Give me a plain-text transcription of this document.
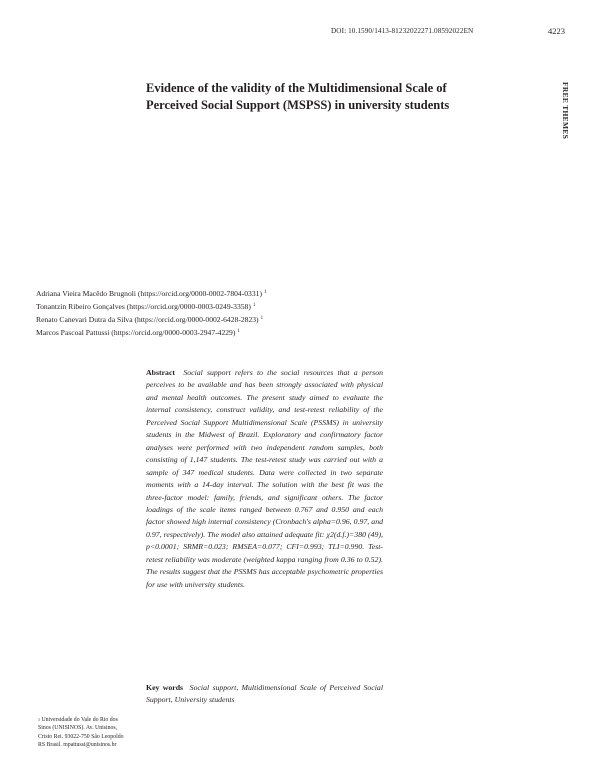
DOI: 10.1590/1413-81232022271.08592022EN	4223
FREE THEMES
Evidence of the validity of the Multidimensional Scale of Perceived Social Support (MSPSS) in university students
Adriana Vieira Macêdo Brugnoli (https://orcid.org/0000-0002-7804-0331) $^1$
Tonantzin Ribeiro Gonçalves (https://orcid.org/0000-0003-0249-3358) $^1$
Renato Canevari Dutra da Silva (https://orcid.org/0000-0002-6428-2823) $^1$
Marcos Pascoal Pattussi (https://orcid.org/0000-0003-2947-4229) $^1$
Abstract Social support refers to the social resources that a person perceives to be available and has been strongly associated with physical and mental health outcomes. The present study aimed to evaluate the internal consistency, construct validity, and test-retest reliability of the Perceived Social Support Multidimensional Scale (PSSMS) in university students in the Midwest of Brazil. Exploratory and confirmatory factor analyses were performed with two independent random samples, both consisting of 1,147 students. The test-retest study was carried out with a sample of 347 medical students. Data were collected in two separate moments with a 14-day interval. The solution with the best fit was the three-factor model: family, friends, and significant others. The factor loadings of the scale items ranged between 0.767 and 0.950 and each factor showed high internal consistency (Cronbach's alpha=0.96, 0.97, and 0.97, respectively). The model also attained adequate fit: χ2(d.f.)=380 (49), p<0.0001; SRMR=0.023; RMSEA=0.077; CFI=0.993; TLI=0.990. Test-retest reliability was moderate (weighted kappa ranging from 0.36 to 0.52). The results suggest that the PSSMS has acceptable psychometric properties for use with university students.
Key words Social support, Multidimensional Scale of Perceived Social Support, University students
$^1$ Universidade do Vale do Rio dos Sinos (UNISINOS). Av. Unisinos, Cristo Rei. 93022-750 São Leopoldo RS Brasil. mpattussi@unisinos.br
